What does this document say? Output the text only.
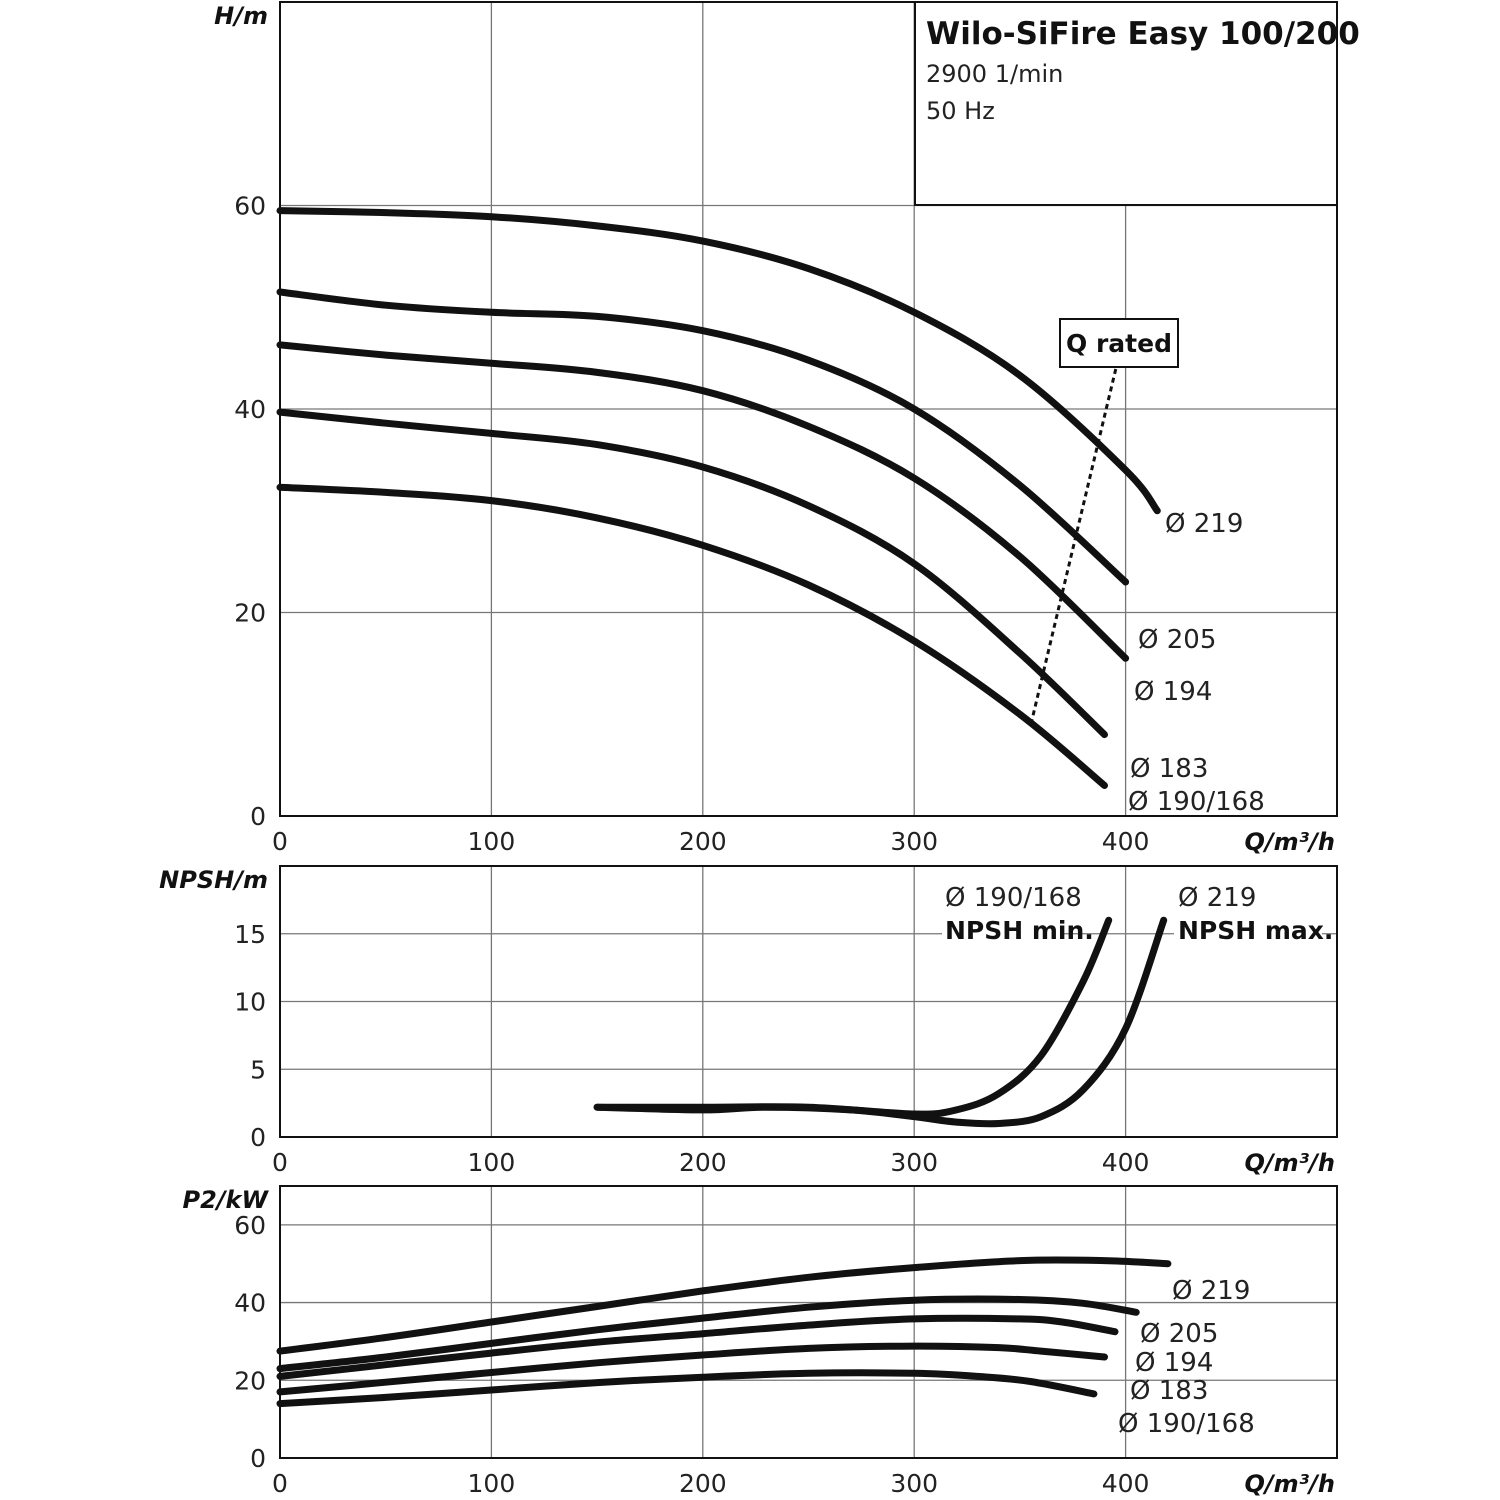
0	100	200	300	400
0
20
40
60
Q/m³/h
H/m	Wilo-SiFire Easy 100/200
2900 1/min
50 Hz
Ø 219
Ø 205
Ø 194
Ø 183
Ø 190/168
Q rated
0	100	200	300	400
0
5
10
15
Q/m³/h
NPSH/m
Ø 190/168
NPSH min.
Ø 219
NPSH max.
0	100	200	300	400
0
20
40
60
Q/m³/h
P2/kW
Ø 219
Ø 205
Ø 194
Ø 183
Ø 190/168
